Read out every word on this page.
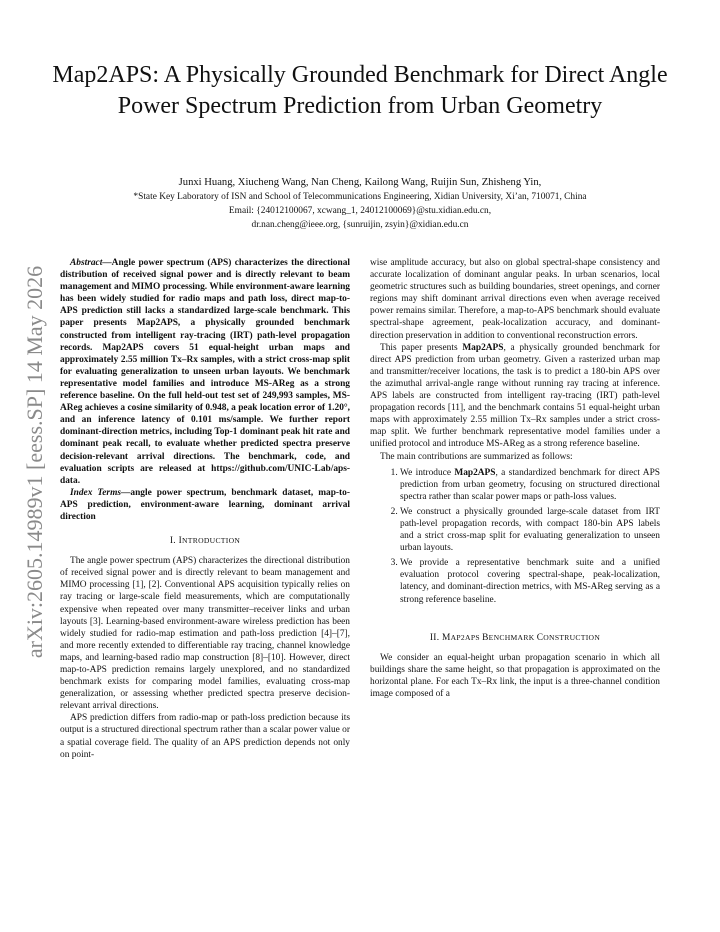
Map2APS: A Physically Grounded Benchmark for Direct Angle Power Spectrum Prediction from Urban Geometry
Junxi Huang, Xiucheng Wang, Nan Cheng, Kailong Wang, Ruijin Sun, Zhisheng Yin,
*State Key Laboratory of ISN and School of Telecommunications Engineering, Xidian University, Xi’an, 710071, China
Email: {24012100067, xcwang_1, 24012100069}@stu.xidian.edu.cn,
dr.nan.cheng@ieee.org, {sunruijin, zsyin}@xidian.edu.cn
arXiv:2605.14989v1 [eess.SP] 14 May 2026

Abstract—Angle power spectrum (APS) characterizes the directional distribution of received signal power and is directly relevant to beam management and MIMO processing. While environment-aware learning has been widely studied for radio maps and path loss, direct map-to-APS prediction still lacks a standardized large-scale benchmark. This paper presents Map2APS, a physically grounded benchmark constructed from intelligent ray-tracing (IRT) path-level propagation records. Map2APS covers 51 equal-height urban maps and approximately 2.55 million Tx–Rx samples, with a strict cross-map split for evaluating generalization to unseen urban layouts. We benchmark representative model families and introduce MS-AReg as a strong reference baseline. On the full held-out test set of 249,993 samples, MS-AReg achieves a cosine similarity of 0.948, a peak location error of 1.20°, and an inference latency of 0.101 ms/sample. We further report dominant-direction metrics, including Top-1 dominant peak hit rate and dominant peak recall, to evaluate whether predicted spectra preserve decision-relevant arrival directions. The benchmark, code, and evaluation scripts are released at https://github.com/UNIC-Lab/aps-data.

Index Terms—angle power spectrum, benchmark dataset, map-to-APS prediction, environment-aware learning, dominant arrival direction

I. INTRODUCTION

The angle power spectrum (APS) characterizes the directional distribution of received signal power and is directly relevant to beam management and MIMO processing [1], [2]. Conventional APS acquisition typically relies on ray tracing or large-scale field measurements, which are computationally expensive when repeated over many transmitter–receiver links and urban layouts [3]. Learning-based environment-aware wireless prediction has been widely studied for radio-map estimation and path-loss prediction [4]–[7], and more recently extended to differentiable ray tracing, channel knowledge maps, and learning-based radio map construction [8]–[10]. However, direct map-to-APS prediction remains largely unexplored, and no standardized benchmark exists for comparing model families, evaluating cross-map generalization, or assessing whether predicted spectra preserve decision-relevant arrival directions.

APS prediction differs from radio-map or path-loss prediction because its output is a structured directional spectrum rather than a scalar power value or a spatial coverage field. The quality of an APS prediction depends not only on point-

wise amplitude accuracy, but also on global spectral-shape consistency and accurate localization of dominant angular peaks. In urban scenarios, local geometric structures such as building boundaries, street openings, and corner regions may shift dominant arrival directions even when average received power remains similar. Therefore, a map-to-APS benchmark should evaluate spectral-shape agreement, peak-localization accuracy, and dominant-direction preservation in addition to conventional reconstruction errors.

This paper presents Map2APS, a physically grounded benchmark for direct APS prediction from urban geometry. Given a rasterized urban map and transmitter/receiver locations, the task is to predict a 180-bin APS over the azimuthal arrival-angle range without running ray tracing at inference. APS labels are constructed from intelligent ray-tracing (IRT) path-level propagation records [11], and the benchmark contains 51 equal-height urban maps with approximately 2.55 million Tx–Rx samples under a strict cross-map split. We further benchmark representative model families under a unified protocol and introduce MS-AReg as a strong reference baseline.

The main contributions are summarized as follows:

1. We introduce Map2APS, a standardized benchmark for direct APS prediction from urban geometry, focusing on structured directional spectra rather than scalar power maps or path-loss values.
2. We construct a physically grounded large-scale dataset from IRT path-level propagation records, with compact 180-bin APS labels and a strict cross-map split for evaluating generalization to unseen urban layouts.
3. We provide a representative benchmark suite and a unified evaluation protocol covering spectral-shape, peak-localization, latency, and dominant-direction metrics, with MS-AReg serving as a strong reference baseline.
II. MAP2APS BENCHMARK CONSTRUCTION

We consider an equal-height urban propagation scenario in which all buildings share the same height, so that propagation is approximated on the horizontal plane. For each Tx–Rx link, the input is a three-channel condition image composed of a
